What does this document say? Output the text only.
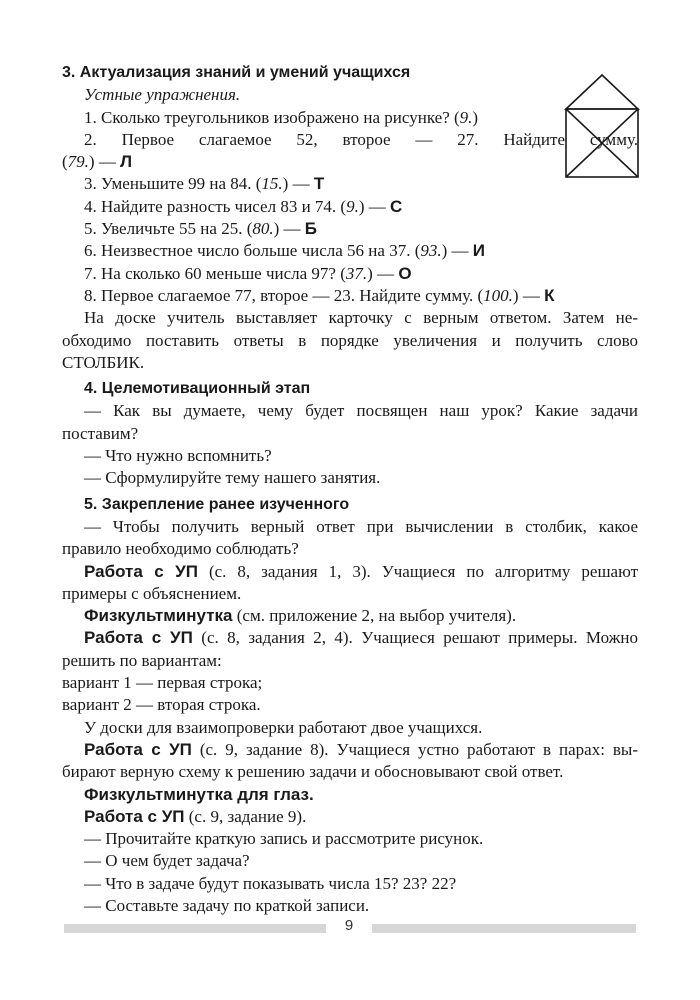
3. Актуализация знаний и умений учащихся
Устные упражнения.
1. Сколько треугольников изображено на рисунке? (9.)
2. Первое слагаемое 52, второе — 27. Найдите сумму.
(79.) — Л
3. Уменьшите 99 на 84. (15.) — Т
4. Найдите разность чисел 83 и 74. (9.) — С
5. Увеличьте 55 на 25. (80.) — Б
6. Неизвестное число больше числа 56 на 37. (93.) — И
7. На сколько 60 меньше числа 97? (37.) — О
8. Первое слагаемое 77, второе — 23. Найдите сумму. (100.) — К
На доске учитель выставляет карточку с верным ответом. Затем не-
обходимо поставить ответы в порядке увеличения и получить слово
СТОЛБИК.
4. Целемотивационный этап
— Как вы думаете, чему будет посвящен наш урок? Какие задачи
поставим?
— Что нужно вспомнить?
— Сформулируйте тему нашего занятия.
5. Закрепление ранее изученного
— Чтобы получить верный ответ при вычислении в столбик, какое
правило необходимо соблюдать?
Работа с УП (с. 8, задания 1, 3). Учащиеся по алгоритму решают
примеры с объяснением.
Физкультминутка (см. приложение 2, на выбор учителя).
Работа с УП (с. 8, задания 2, 4). Учащиеся решают примеры. Можно
решить по вариантам:
вариант 1 — первая строка;
вариант 2 — вторая строка.
У доски для взаимопроверки работают двое учащихся.
Работа с УП (с. 9, задание 8). Учащиеся устно работают в парах: вы-
бирают верную схему к решению задачи и обосновывают свой ответ.
Физкультминутка для глаз.
Работа с УП (с. 9, задание 9).
— Прочитайте краткую запись и рассмотрите рисунок.
— О чем будет задача?
— Что в задаче будут показывать числа 15? 23? 22?
— Составьте задачу по краткой записи.
9
